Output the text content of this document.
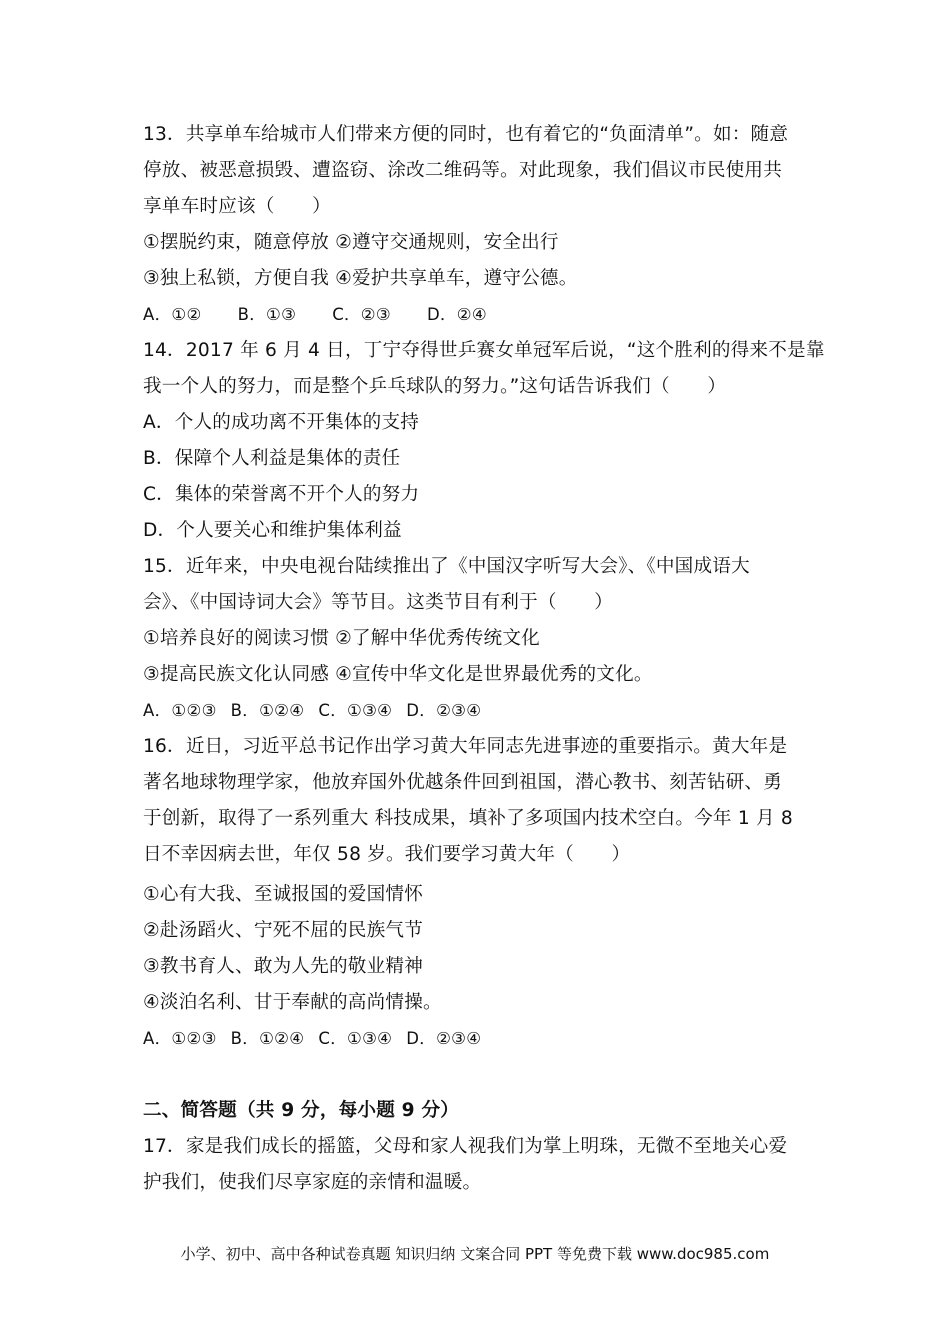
13．共享单车给城市人们带来方便的同时，也有着它的“负面清单”。如：随意
停放、被恶意损毁、遭盗窃、涂改二维码等。对此现象，我们倡议市民使用共
享单车时应该（　　）
①摆脱约束，随意停放 ②遵守交通规则，安全出行
③独上私锁，方便自我 ④爱护共享单车，遵守公德。
A．①② B．①③ C．②③ D．②④
14．2017 年 6 月 4 日，丁宁夺得世乒赛女单冠军后说，“这个胜利的得来不是靠
我一个人的努力，而是整个乒乓球队的努力。”这句话告诉我们（　　）
A．个人的成功离不开集体的支持
B．保障个人利益是集体的责任
C．集体的荣誉离不开个人的努力
D．个人要关心和维护集体利益
15．近年来，中央电视台陆续推出了《中国汉字听写大会》、《中国成语大
会》、《中国诗词大会》等节目。这类节目有利于（　　）
①培养良好的阅读习惯 ②了解中华优秀传统文化
③提高民族文化认同感 ④宣传中华文化是世界最优秀的文化。
A．①②③ B．①②④ C．①③④ D．②③④
16．近日，习近平总书记作出学习黄大年同志先进事迹的重要指示。黄大年是
著名地球物理学家，他放弃国外优越条件回到祖国，潜心教书、刻苦钻研、勇
于创新，取得了一系列重大 科技成果，填补了多项国内技术空白。今年 1 月 8
日不幸因病去世，年仅 58 岁。我们要学习黄大年（　　）
①心有大我、至诚报国的爱国情怀
②赴汤蹈火、宁死不屈的民族气节
③教书育人、敢为人先的敬业精神
④淡泊名利、甘于奉献的高尚情操。
A．①②③ B．①②④ C．①③④ D．②③④
二、简答题（共 9 分，每小题 9 分）
17．家是我们成长的摇篮，父母和家人视我们为掌上明珠，无微不至地关心爱
护我们，使我们尽享家庭的亲情和温暖。
小学、初中、高中各种试卷真题 知识归纳 文案合同 PPT 等免费下载 www.doc985.com
